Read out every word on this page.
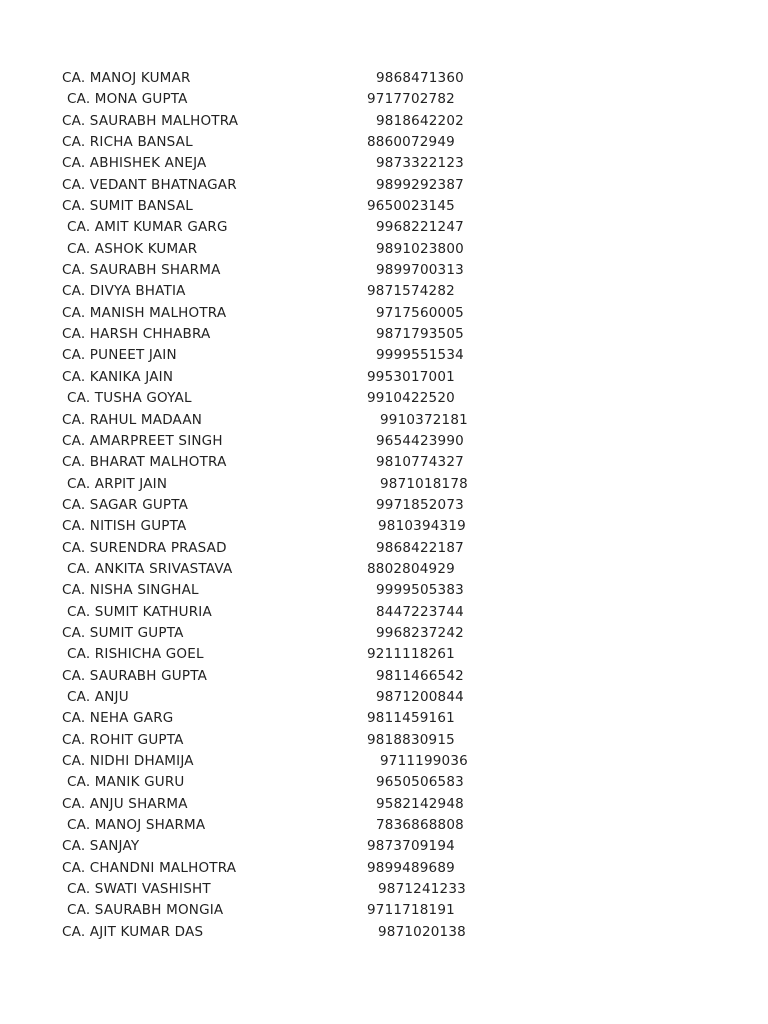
CA. MANOJ KUMAR	9868471360
CA. MONA GUPTA	9717702782
CA. SAURABH MALHOTRA	9818642202
CA. RICHA BANSAL	8860072949
CA. ABHISHEK ANEJA	9873322123
CA. VEDANT BHATNAGAR	9899292387
CA. SUMIT BANSAL	9650023145
CA. AMIT KUMAR GARG	9968221247
CA. ASHOK KUMAR	9891023800
CA. SAURABH SHARMA	9899700313
CA. DIVYA BHATIA	9871574282
CA. MANISH MALHOTRA	9717560005
CA. HARSH CHHABRA	9871793505
CA. PUNEET JAIN	9999551534
CA. KANIKA JAIN	9953017001
CA. TUSHA GOYAL	9910422520
CA. RAHUL MADAAN	9910372181
CA. AMARPREET SINGH	9654423990
CA. BHARAT MALHOTRA	9810774327
CA. ARPIT JAIN	9871018178
CA. SAGAR GUPTA	9971852073
CA. NITISH GUPTA	9810394319
CA. SURENDRA PRASAD	9868422187
CA. ANKITA SRIVASTAVA	8802804929
CA. NISHA SINGHAL	9999505383
CA. SUMIT KATHURIA	8447223744
CA. SUMIT GUPTA	9968237242
CA. RISHICHA GOEL	9211118261
CA. SAURABH GUPTA	9811466542
CA. ANJU	9871200844
CA. NEHA GARG	9811459161
CA. ROHIT GUPTA	9818830915
CA. NIDHI DHAMIJA	9711199036
CA. MANIK GURU	9650506583
CA. ANJU SHARMA	9582142948
CA. MANOJ SHARMA	7836868808
CA. SANJAY	9873709194
CA. CHANDNI MALHOTRA	9899489689
CA. SWATI VASHISHT	9871241233
CA. SAURABH MONGIA	9711718191
CA. AJIT KUMAR DAS	9871020138
